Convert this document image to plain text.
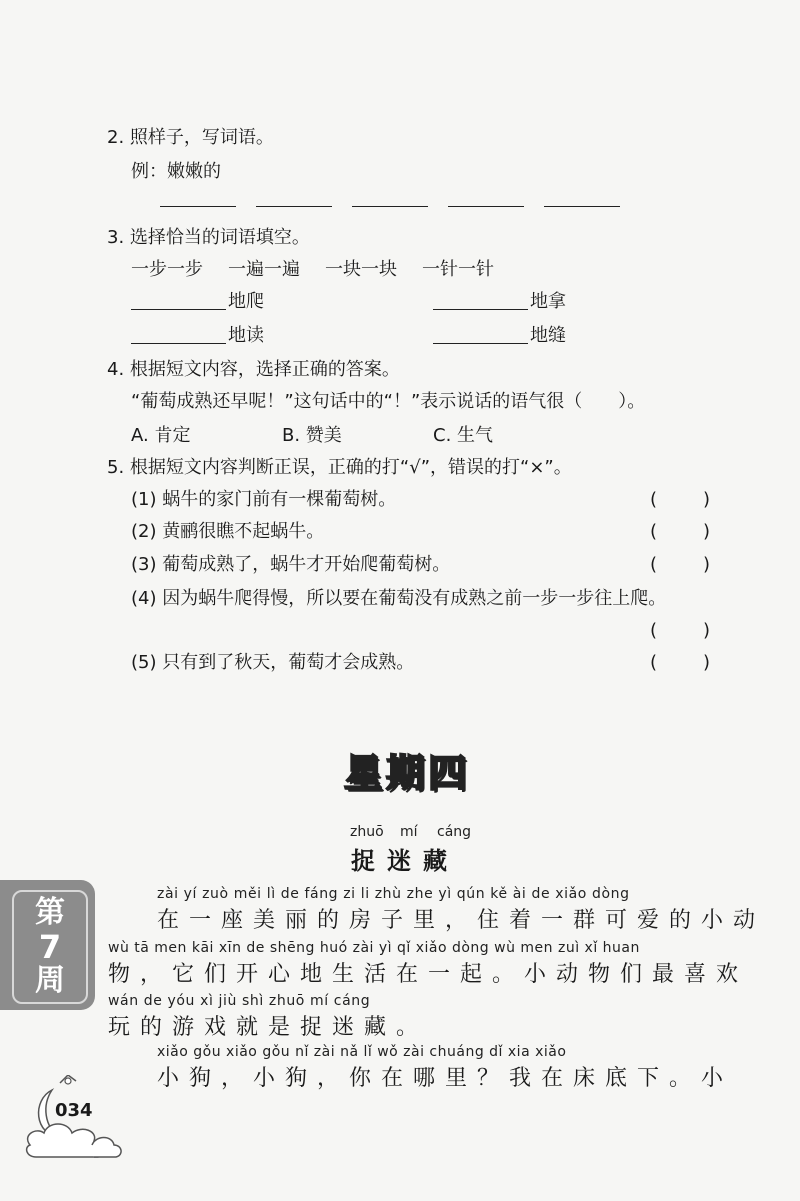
2. 照样子，写词语。
例：嫩嫩的
3. 选择恰当的词语填空。
一步一步 一遍一遍 一块一块 一针一针
地爬	地拿
地读	地缝
4. 根据短文内容，选择正确的答案。
“葡萄成熟还早呢！”这句话中的“！”表示说话的语气很（　　）。
A. 肯定	B. 赞美	C. 生气
5. 根据短文内容判断正误，正确的打“√”，错误的打“×”。
(1) 蜗牛的家门前有一棵葡萄树。	(	)
(2) 黄鹂很瞧不起蜗牛。	(	)
(3) 葡萄成熟了，蜗牛才开始爬葡萄树。	(	)
(4) 因为蜗牛爬得慢，所以要在葡萄没有成熟之前一步一步往上爬。
(	)
(5) 只有到了秋天，葡萄才会成熟。	(	)
星期四
zhuō mí cáng
捉迷藏
zài yí zuò měi lì de fáng zi li zhù zhe yì qún kě ài de xiǎo dòng
在一座美丽的房子里，住着一群可爱的小动
wù tā men kāi xīn de shēng huó zài yì qǐ xiǎo dòng wù men zuì xǐ huan
物，它们开心地生活在一起。小动物们最喜欢
wán de yóu xì jiù shì zhuō mí cáng
玩的游戏就是捉迷藏。
xiǎo gǒu xiǎo gǒu nǐ zài nǎ lǐ wǒ zài chuáng dǐ xia xiǎo
小狗，小狗，你在哪里？我在床底下。小
第
7
周
034
